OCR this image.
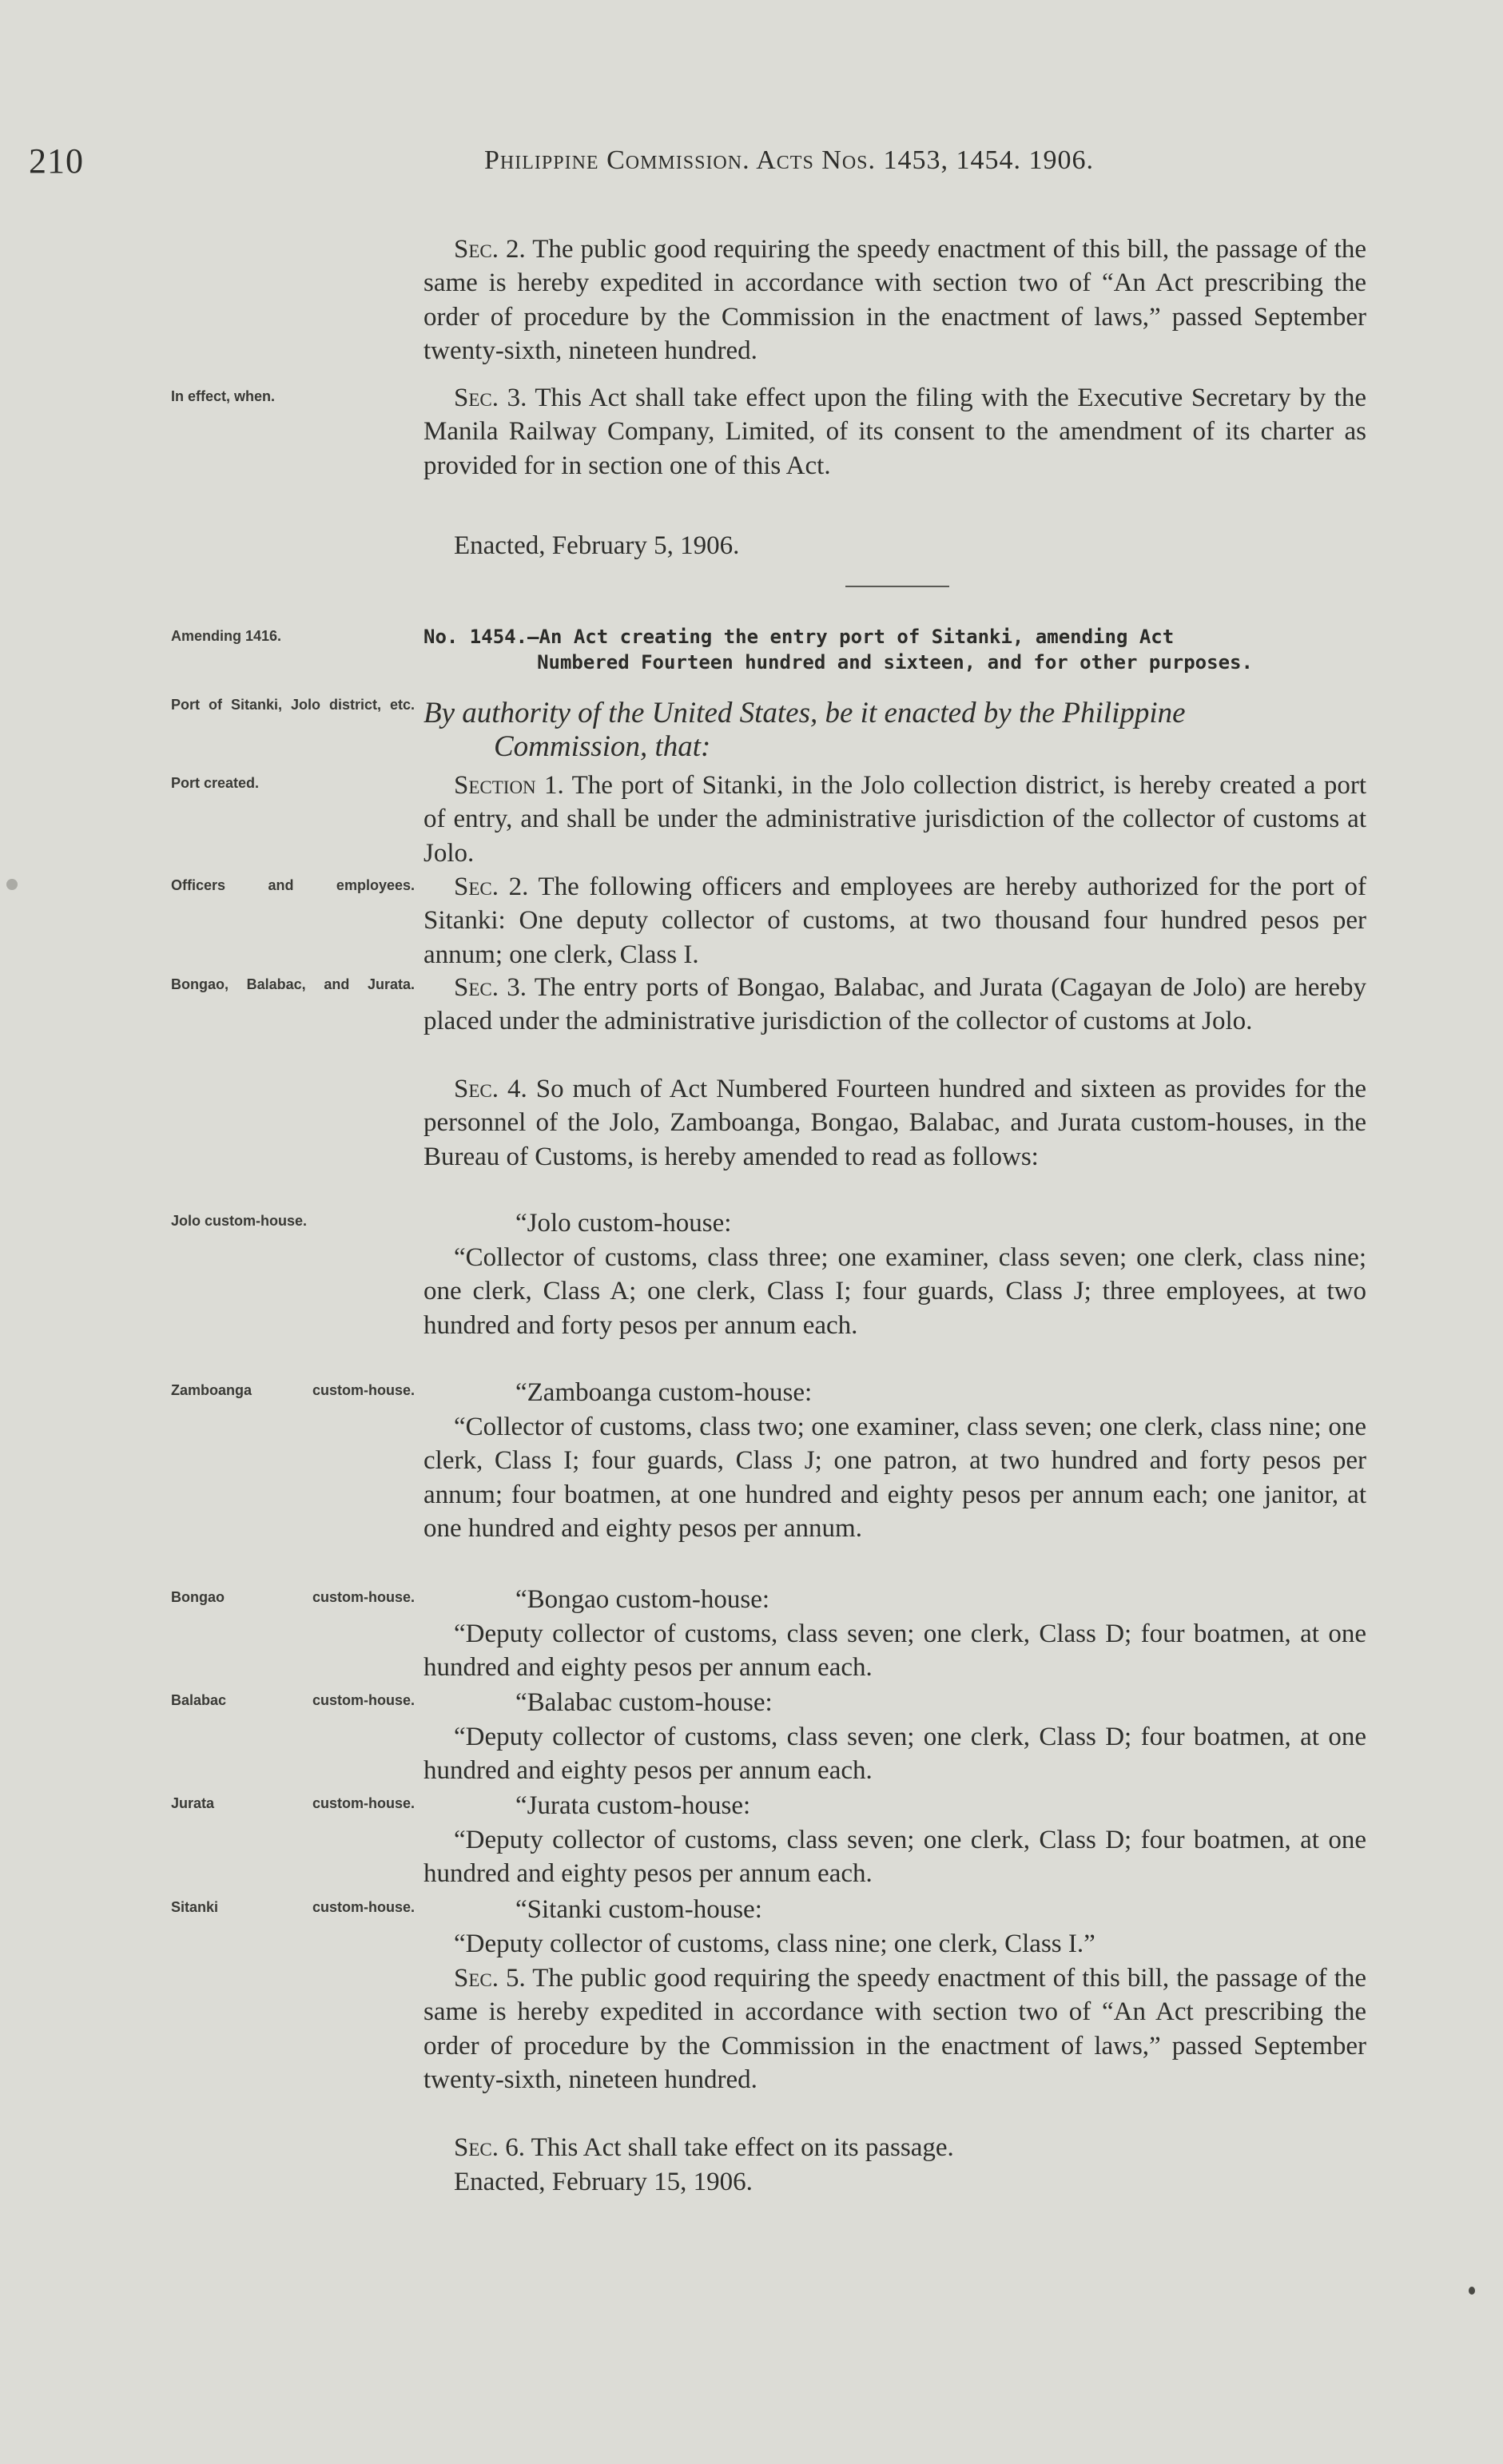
210	Philippine Commission. Acts Nos. 1453, 1454. 1906.
Sec. 2. The public good requiring the speedy enactment of this bill, the passage of the same is hereby expedited in accordance with section two of “An Act prescribing the order of procedure by the Commission in the enactment of laws,” passed September twenty-sixth, nineteen hundred.
In effect, when.	Sec. 3. This Act shall take effect upon the filing with the Executive Secretary by the Manila Railway Company, Limited, of its consent to the amendment of its charter as provided for in section one of this Act.
Enacted, February 5, 1906.
Amending 1416.	No. 1454.—An Act creating the entry port of Sitanki, amending Act
Numbered Fourteen hundred and sixteen, and for other purposes.
Port of Sitanki, Jolo district, etc. By authority of the United States, be it enacted by the Philippine
Commission, that:
Port created.	Section 1. The port of Sitanki, in the Jolo collection district, is hereby created a port of entry, and shall be under the administrative jurisdiction of the collector of customs at Jolo.
Officers and employees.	Sec. 2. The following officers and employees are hereby authorized for the port of Sitanki: One deputy collector of customs, at two thousand four hundred pesos per annum; one clerk, Class I.
Bongao, Balabac, and Jurata.	Sec. 3. The entry ports of Bongao, Balabac, and Jurata (Cagayan de Jolo) are hereby placed under the administrative jurisdiction of the collector of customs at Jolo.
Sec. 4. So much of Act Numbered Fourteen hundred and sixteen as provides for the personnel of the Jolo, Zamboanga, Bongao, Balabac, and Jurata custom-houses, in the Bureau of Customs, is hereby amended to read as follows:
Jolo custom-house.	“Jolo custom-house:
“Collector of customs, class three; one examiner, class seven; one clerk, class nine; one clerk, Class A; one clerk, Class I; four guards, Class J; three employees, at two hundred and forty pesos per annum each.
Zamboanga custom-house.	“Zamboanga custom-house:
“Collector of customs, class two; one examiner, class seven; one clerk, class nine; one clerk, Class I; four guards, Class J; one patron, at two hundred and forty pesos per annum; four boatmen, at one hundred and eighty pesos per annum each; one janitor, at one hundred and eighty pesos per annum.
Bongao custom-house.	“Bongao custom-house:
“Deputy collector of customs, class seven; one clerk, Class D; four boatmen, at one hundred and eighty pesos per annum each.
Balabac custom-house.	“Balabac custom-house:
“Deputy collector of customs, class seven; one clerk, Class D; four boatmen, at one hundred and eighty pesos per annum each.
Jurata custom-house.	“Jurata custom-house:
“Deputy collector of customs, class seven; one clerk, Class D; four boatmen, at one hundred and eighty pesos per annum each.
Sitanki custom-house.	“Sitanki custom-house:
“Deputy collector of customs, class nine; one clerk, Class I.”
Sec. 5. The public good requiring the speedy enactment of this bill, the passage of the same is hereby expedited in accordance with section two of “An Act prescribing the order of procedure by the Commission in the enactment of laws,” passed September twenty-sixth, nineteen hundred.
Sec. 6. This Act shall take effect on its passage.
Enacted, February 15, 1906.
